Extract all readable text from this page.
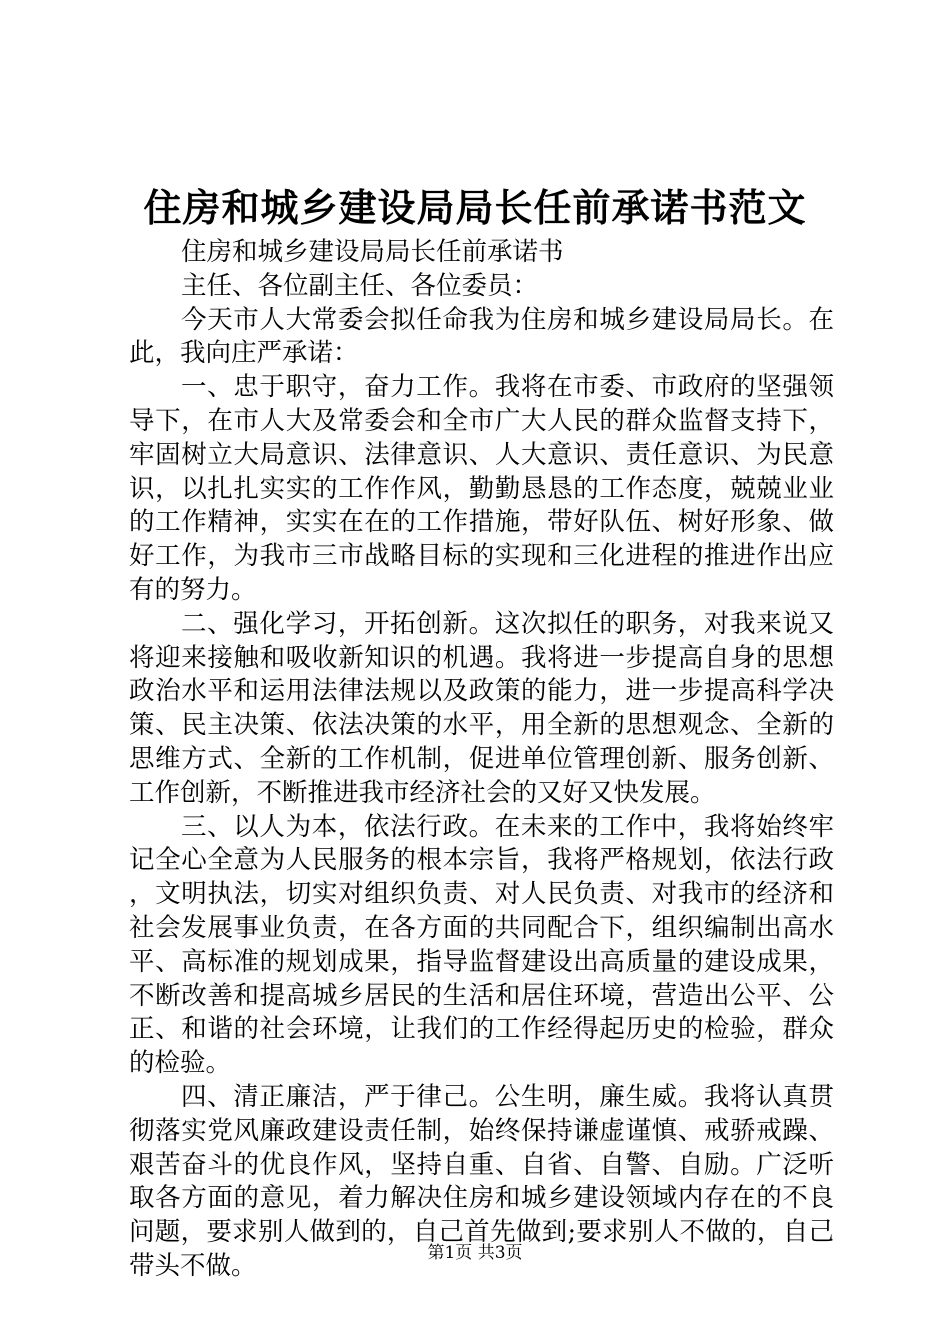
住房和城乡建设局局长任前承诺书范文

住房和城乡建设局局长任前承诺书

主任、各位副主任、各位委员：

今天市人大常委会拟任命我为住房和城乡建设局局长。在此，我向庄严承诺：

一、忠于职守，奋力工作。我将在市委、市政府的坚强领导下，在市人大及常委会和全市广大人民的群众监督支持下，牢固树立大局意识、法律意识、人大意识、责任意识、为民意识，以扎扎实实的工作作风，勤勤恳恳的工作态度，兢兢业业的工作精神，实实在在的工作措施，带好队伍、树好形象、做好工作，为我市三市战略目标的实现和三化进程的推进作出应有的努力。

二、强化学习，开拓创新。这次拟任的职务，对我来说又将迎来接触和吸收新知识的机遇。我将进一步提高自身的思想政治水平和运用法律法规以及政策的能力，进一步提高科学决策、民主决策、依法决策的水平，用全新的思想观念、全新的思维方式、全新的工作机制，促进单位管理创新、服务创新、工作创新，不断推进我市经济社会的又好又快发展。

三、以人为本，依法行政。在未来的工作中，我将始终牢记全心全意为人民服务的根本宗旨，我将严格规划，依法行政，文明执法，切实对组织负责、对人民负责、对我市的经济和社会发展事业负责，在各方面的共同配合下，组织编制出高水平、高标准的规划成果，指导监督建设出高质量的建设成果，不断改善和提高城乡居民的生活和居住环境，营造出公平、公正、和谐的社会环境，让我们的工作经得起历史的检验，群众的检验。

四、清正廉洁，严于律己。公生明，廉生威。我将认真贯彻落实党风廉政建设责任制，始终保持谦虚谨慎、戒骄戒躁、艰苦奋斗的优良作风，坚持自重、自省、自警、自励。广泛听取各方面的意见，着力解决住房和城乡建设领域内存在的不良问题，要求别人做到的，自己首先做到;要求别人不做的，自己带头不做。	第1页 共3页
